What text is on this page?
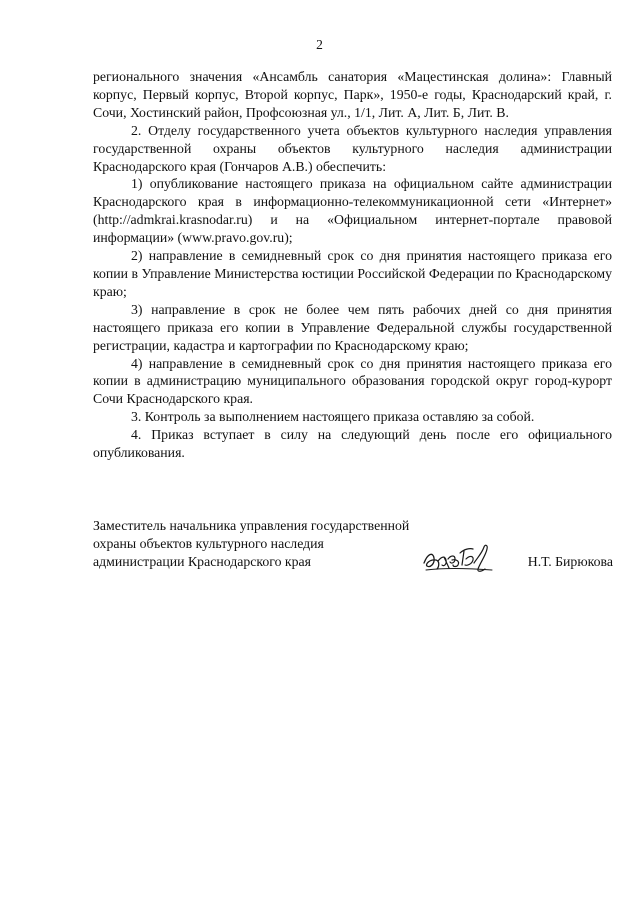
2

регионального значения «Ансамбль санатория «Мацестинская долина»: Главный корпус, Первый корпус, Второй корпус, Парк», 1950-е годы, Краснодарский край, г. Сочи, Хостинский район, Профсоюзная ул., 1/1, Лит. А, Лит. Б, Лит. В.

2. Отделу государственного учета объектов культурного наследия управления государственной охраны объектов культурного наследия администрации Краснодарского края (Гончаров А.В.) обеспечить:

1) опубликование настоящего приказа на официальном сайте администрации Краснодарского края в информационно-телекоммуникационной сети «Интернет» (http://admkrai.krasnodar.ru) и на «Официальном интернет-портале правовой информации» (www.pravo.gov.ru);

2) направление в семидневный срок со дня принятия настоящего приказа его копии в Управление Министерства юстиции Российской Федерации по Краснодарскому краю;

3) направление в срок не более чем пять рабочих дней со дня принятия настоящего приказа его копии в Управление Федеральной службы государственной регистрации, кадастра и картографии по Краснодарскому краю;

4) направление в семидневный срок со дня принятия настоящего приказа его копии в администрацию муниципального образования городской округ город-курорт Сочи Краснодарского края.

3. Контроль за выполнением настоящего приказа оставляю за собой.

4. Приказ вступает в силу на следующий день после его официального опубликования.

Заместитель начальника управления государственной
охраны объектов культурного наследия
администрации Краснодарского края	Н.Т. Бирюкова
